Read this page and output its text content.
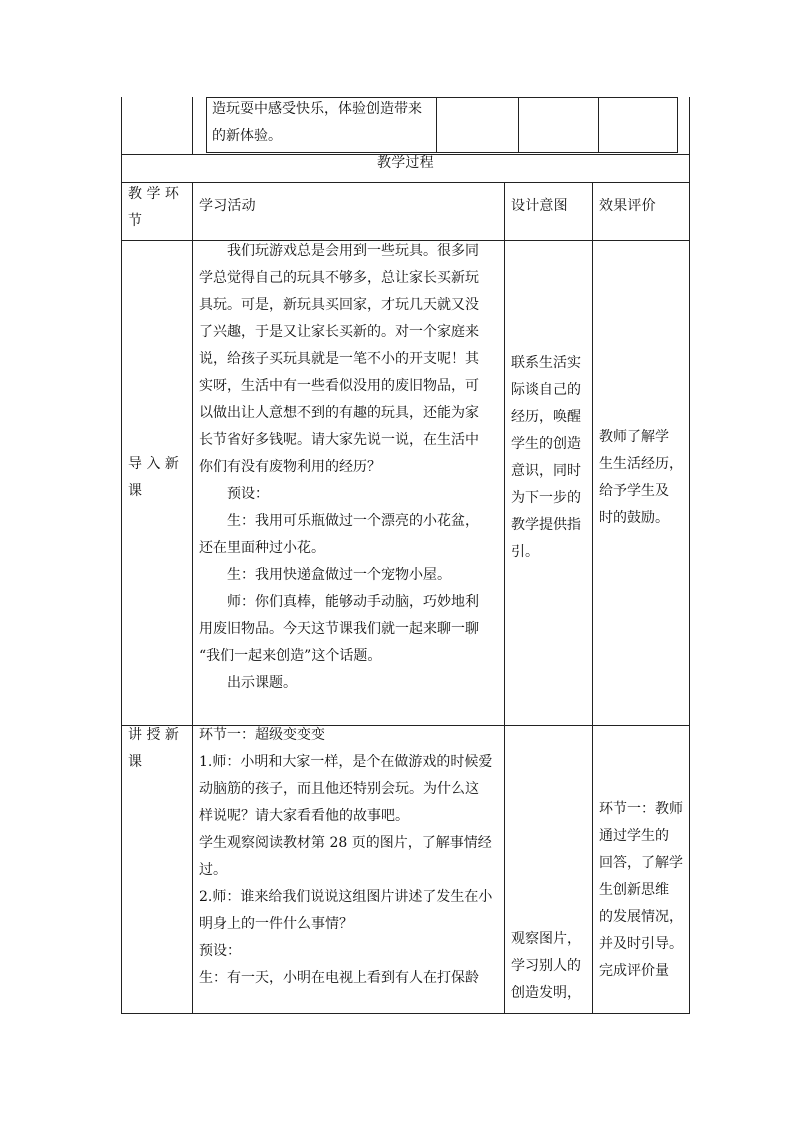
造玩耍中感受快乐，体验创造带来

的新体验。

教学过程

教 学 环

节

学习活动	设计意图 效果评价

导 入 新

课

　　我们玩游戏总是会用到一些玩具。很多同

学总觉得自己的玩具不够多，总让家长买新玩

具玩。可是，新玩具买回家，才玩几天就又没

了兴趣，于是又让家长买新的。对一个家庭来

说，给孩子买玩具就是一笔不小的开支呢！其

实呀，生活中有一些看似没用的废旧物品，可

以做出让人意想不到的有趣的玩具，还能为家

长节省好多钱呢。请大家先说一说，在生活中

你们有没有废物利用的经历？

　　预设：

　　生：我用可乐瓶做过一个漂亮的小花盆，

还在里面种过小花。

　　生：我用快递盒做过一个宠物小屋。

　　师：你们真棒，能够动手动脑，巧妙地利

用废旧物品。今天这节课我们就一起来聊一聊

“我们一起来创造”这个话题。

　　出示课题。

联系生活实

际谈自己的

经历，唤醒

学生的创造

意识，同时

为下一步的

教学提供指

引。

教师了解学

生生活经历，

给予学生及

时的鼓励。

讲 授 新

课

环节一：超级变变变

1.师：小明和大家一样，是个在做游戏的时候爱

动脑筋的孩子，而且他还特别会玩。为什么这

样说呢？请大家看看他的故事吧。

学生观察阅读教材第 28 页的图片，了解事情经

过。

2.师：谁来给我们说说这组图片讲述了发生在小

明身上的一件什么事情？

预设：

生：有一天，小明在电视上看到有人在打保龄

观察图片，

学习别人的

创造发明，

环节一：教师

通过学生的

回答，了解学

生创新思维

的发展情况，

并及时引导。

完成评价量
